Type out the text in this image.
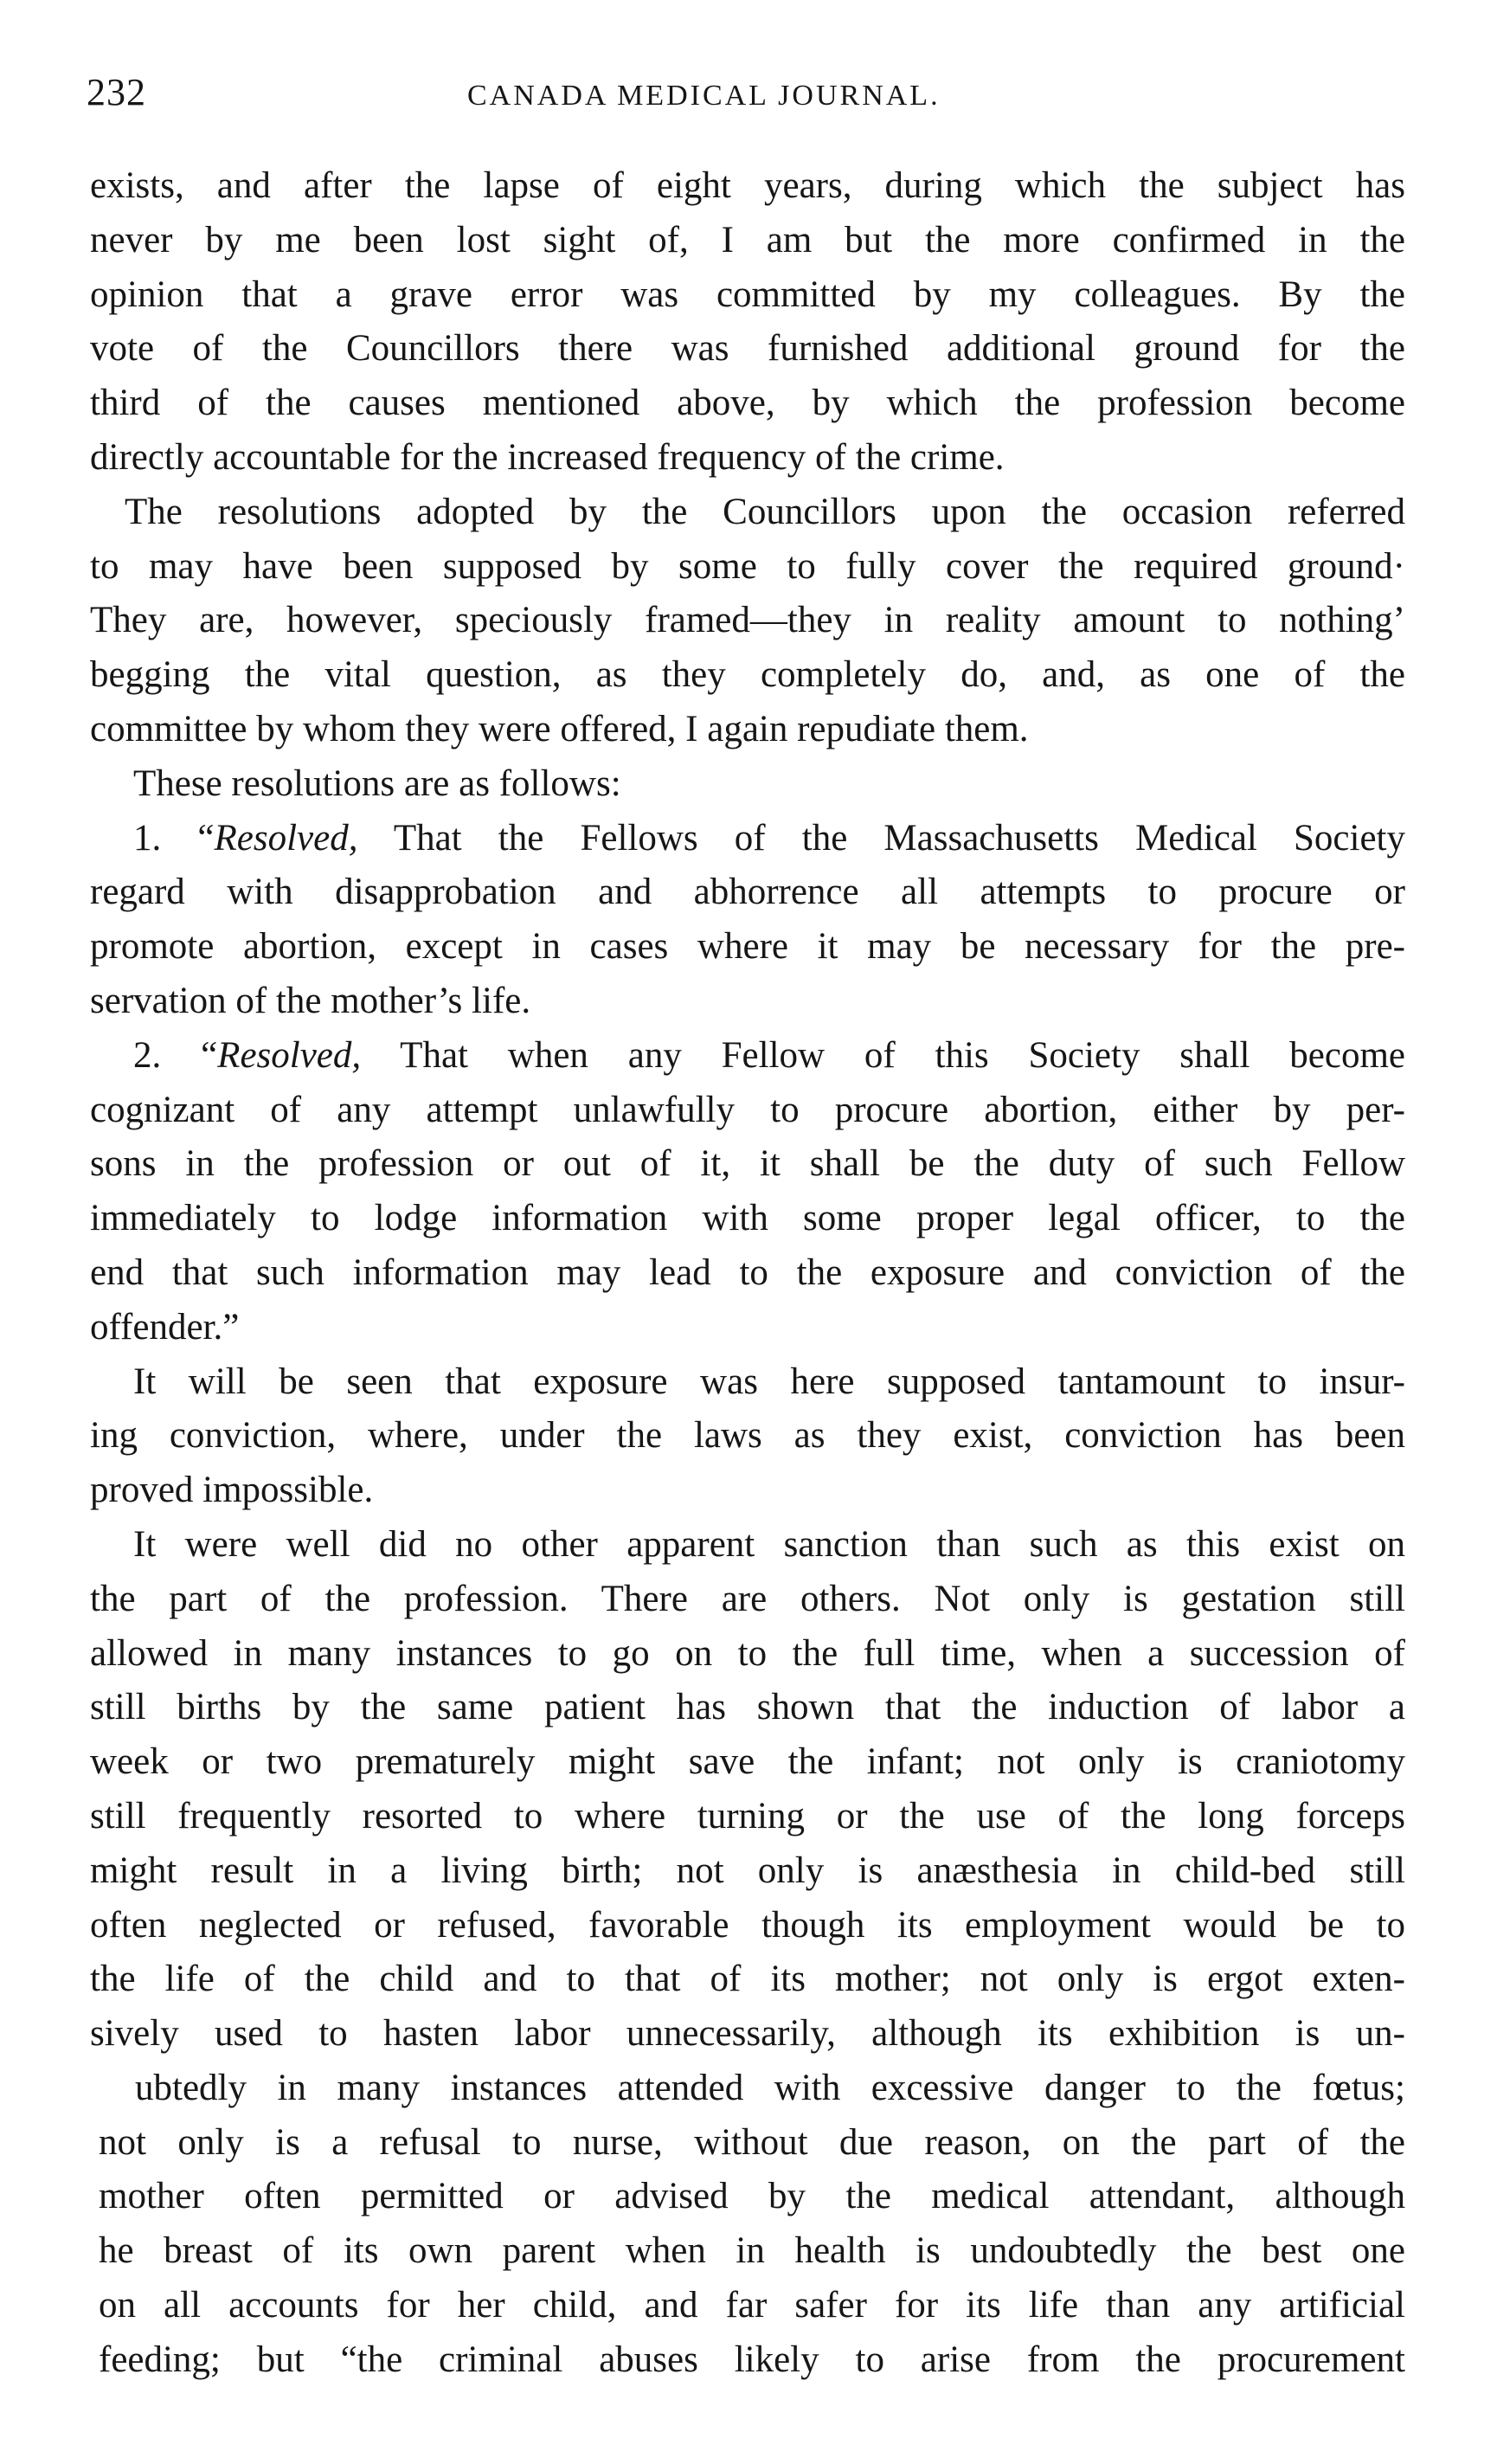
232	CANADA MEDICAL JOURNAL.
exists, and after the lapse of eight years, during which the subject has
never by me been lost sight of, I am but the more confirmed in the
opinion that a grave error was committed by my colleagues. By the
vote of the Councillors there was furnished additional ground for the
third of the causes mentioned above, by which the profession become
directly accountable for the increased frequency of the crime.
The resolutions adopted by the Councillors upon the occasion referred
to may have been supposed by some to fully cover the required ground·
They are, however, speciously framed—they in reality amount to nothing’
begging the vital question, as they completely do, and, as one of the
committee by whom they were offered, I again repudiate them.
These resolutions are as follows:
1. “Resolved, That the Fellows of the Massachusetts Medical Society
regard with disapprobation and abhorrence all attempts to procure or
promote abortion, except in cases where it may be necessary for the pre-
servation of the mother’s life.
2. “Resolved, That when any Fellow of this Society shall become
cognizant of any attempt unlawfully to procure abortion, either by per-
sons in the profession or out of it, it shall be the duty of such Fellow
immediately to lodge information with some proper legal officer, to the
end that such information may lead to the exposure and conviction of the
offender.”
It will be seen that exposure was here supposed tantamount to insur-
ing conviction, where, under the laws as they exist, conviction has been
proved impossible.
It were well did no other apparent sanction than such as this exist on
the part of the profession. There are others. Not only is gestation still
allowed in many instances to go on to the full time, when a succession of
still births by the same patient has shown that the induction of labor a
week or two prematurely might save the infant; not only is craniotomy
still frequently resorted to where turning or the use of the long forceps
might result in a living birth; not only is anæsthesia in child-bed still
often neglected or refused, favorable though its employment would be to
the life of the child and to that of its mother; not only is ergot exten-
sively used to hasten labor unnecessarily, although its exhibition is un-
ubtedly in many instances attended with excessive danger to the fœtus;
not only is a refusal to nurse, without due reason, on the part of the
mother often permitted or advised by the medical attendant, although
he breast of its own parent when in health is undoubtedly the best one
on all accounts for her child, and far safer for its life than any artificial
feeding; but “the criminal abuses likely to arise from the procurement
